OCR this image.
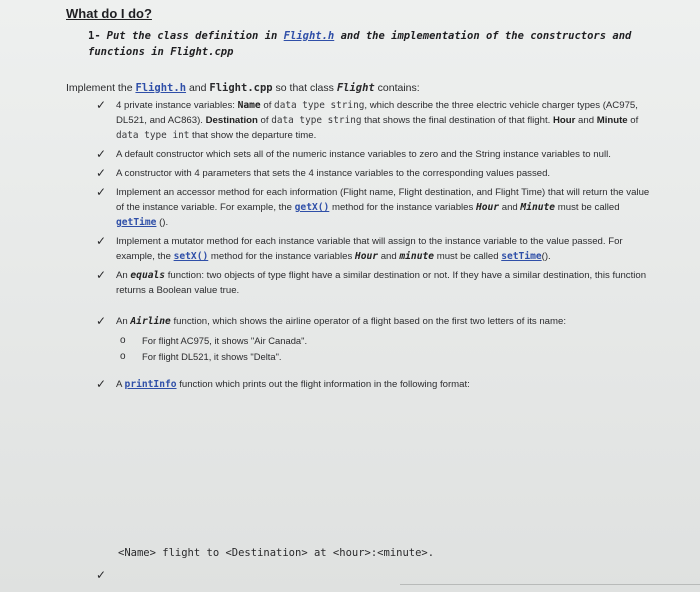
What do I do?
1- Put the class definition in Flight.h and the implementation of the constructors and functions in Flight.cpp
Implement the Flight.h and Flight.cpp so that class Flight contains:
✓ 4 private instance variables: Name of data type string, which describe the three electric vehicle charger types (AC975, DL521, and AC863). Destination of data type string that shows the final destination of that flight. Hour and Minute of data type int that show the departure time.
✓ A default constructor which sets all of the numeric instance variables to zero and the String instance variables to null.
✓ A constructor with 4 parameters that sets the 4 instance variables to the corresponding values passed.
✓ Implement an accessor method for each information (Flight name, Flight destination, and Flight Time) that will return the value of the instance variable. For example, the getX() method for the instance variables Hour and Minute must be called getTime ().
✓ Implement a mutator method for each instance variable that will assign to the instance variable to the value passed. For example, the setX() method for the instance variables Hour and minute must be called setTime().
✓ An equals function: two objects of type flight have a similar destination or not. If they have a similar destination, this function returns a Boolean value true.
✓ An Airline function, which shows the airline operator of a flight based on the first two letters of its name:
o For flight AC975, it shows "Air Canada".
o For flight DL521, it shows "Delta".
✓ A printInfo function which prints out the flight information in the following format:
<Name> flight to <Destination> at <hour>:<minute>.
✓
